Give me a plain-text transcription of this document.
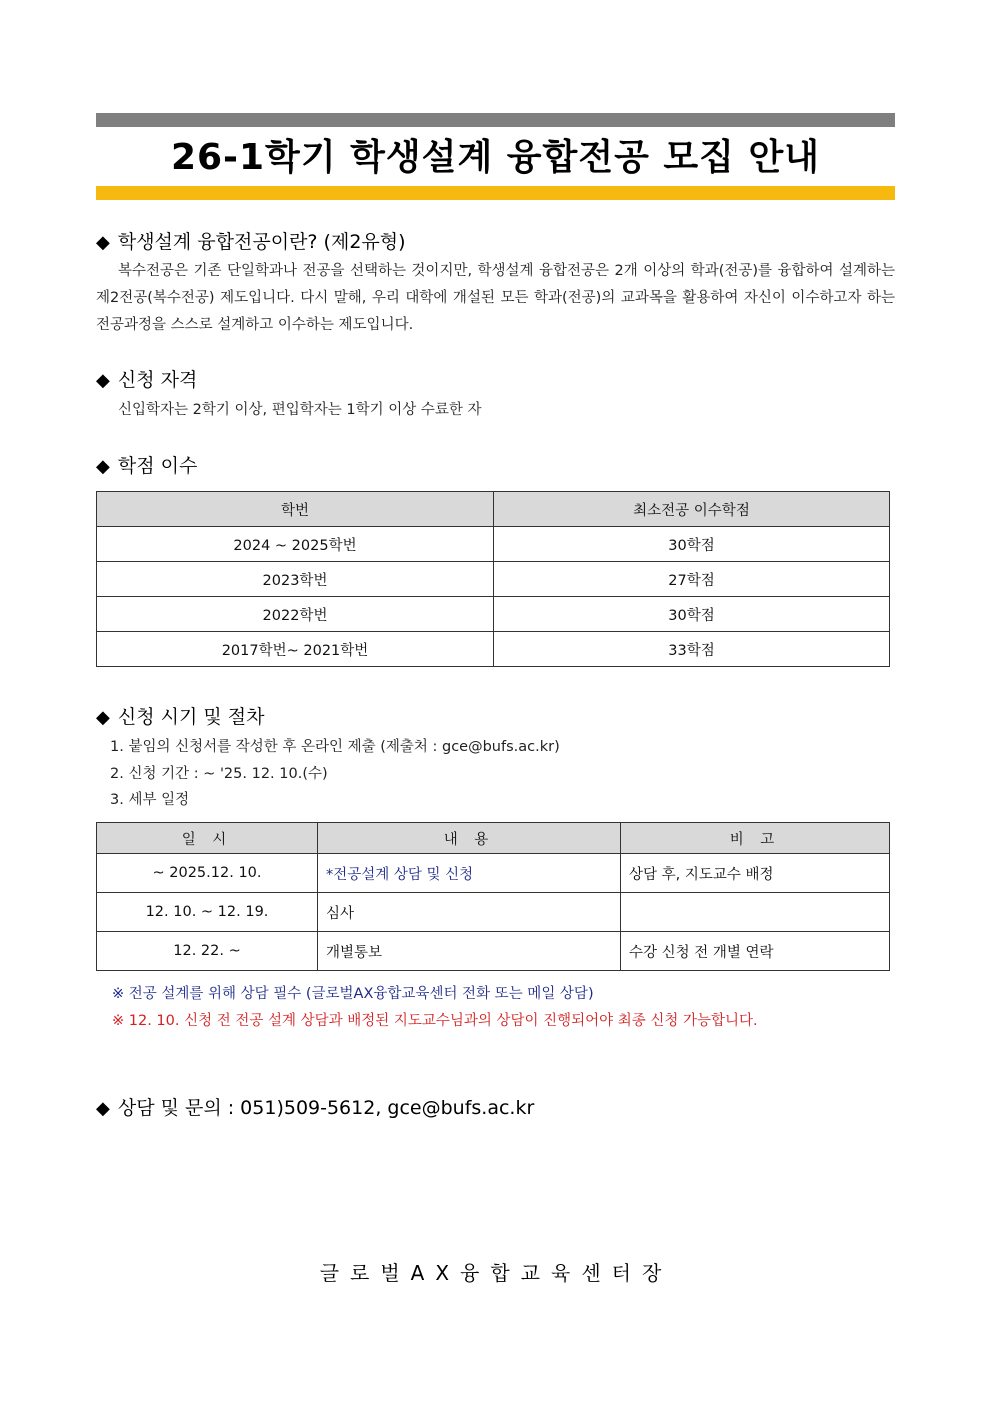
26-1학기 학생설계 융합전공 모집 안내
◆ 학생설계 융합전공이란? (제2유형)
복수전공은 기존 단일학과나 전공을 선택하는 것이지만, 학생설계 융합전공은 2개 이상의 학과(전공)를 융합하여 설계하는 제2전공(복수전공) 제도입니다. 다시 말해, 우리 대학에 개설된 모든 학과(전공)의 교과목을 활용하여 자신이 이수하고자 하는 전공과정을 스스로 설계하고 이수하는 제도입니다.
◆ 신청 자격
신입학자는 2학기 이상, 편입학자는 1학기 이상 수료한 자
◆ 학점 이수
학번	최소전공 이수학점
2024 ~ 2025학번	30학점
2023학번	27학점
2022학번	30학점
2017학번~ 2021학번	33학점
◆ 신청 시기 및 절차
1. 붙임의 신청서를 작성한 후 온라인 제출 (제출처 : gce@bufs.ac.kr)
2. 신청 기간 : ~ '25. 12. 10.(수)
3. 세부 일정
일 시	내 용	비 고
~ 2025.12. 10.	*전공설계 상담 및 신청	상담 후, 지도교수 배정
12. 10. ~ 12. 19.	심사	
12. 22. ~	개별통보	수강 신청 전 개별 연락
※ 전공 설계를 위해 상담 필수 (글로벌AX융합교육센터 전화 또는 메일 상담)
※ 12. 10. 신청 전 전공 설계 상담과 배정된 지도교수님과의 상담이 진행되어야 최종 신청 가능합니다.
◆ 상담 및 문의 : 051)509-5612, gce@bufs.ac.kr
글로벌AX융합교육센터장
